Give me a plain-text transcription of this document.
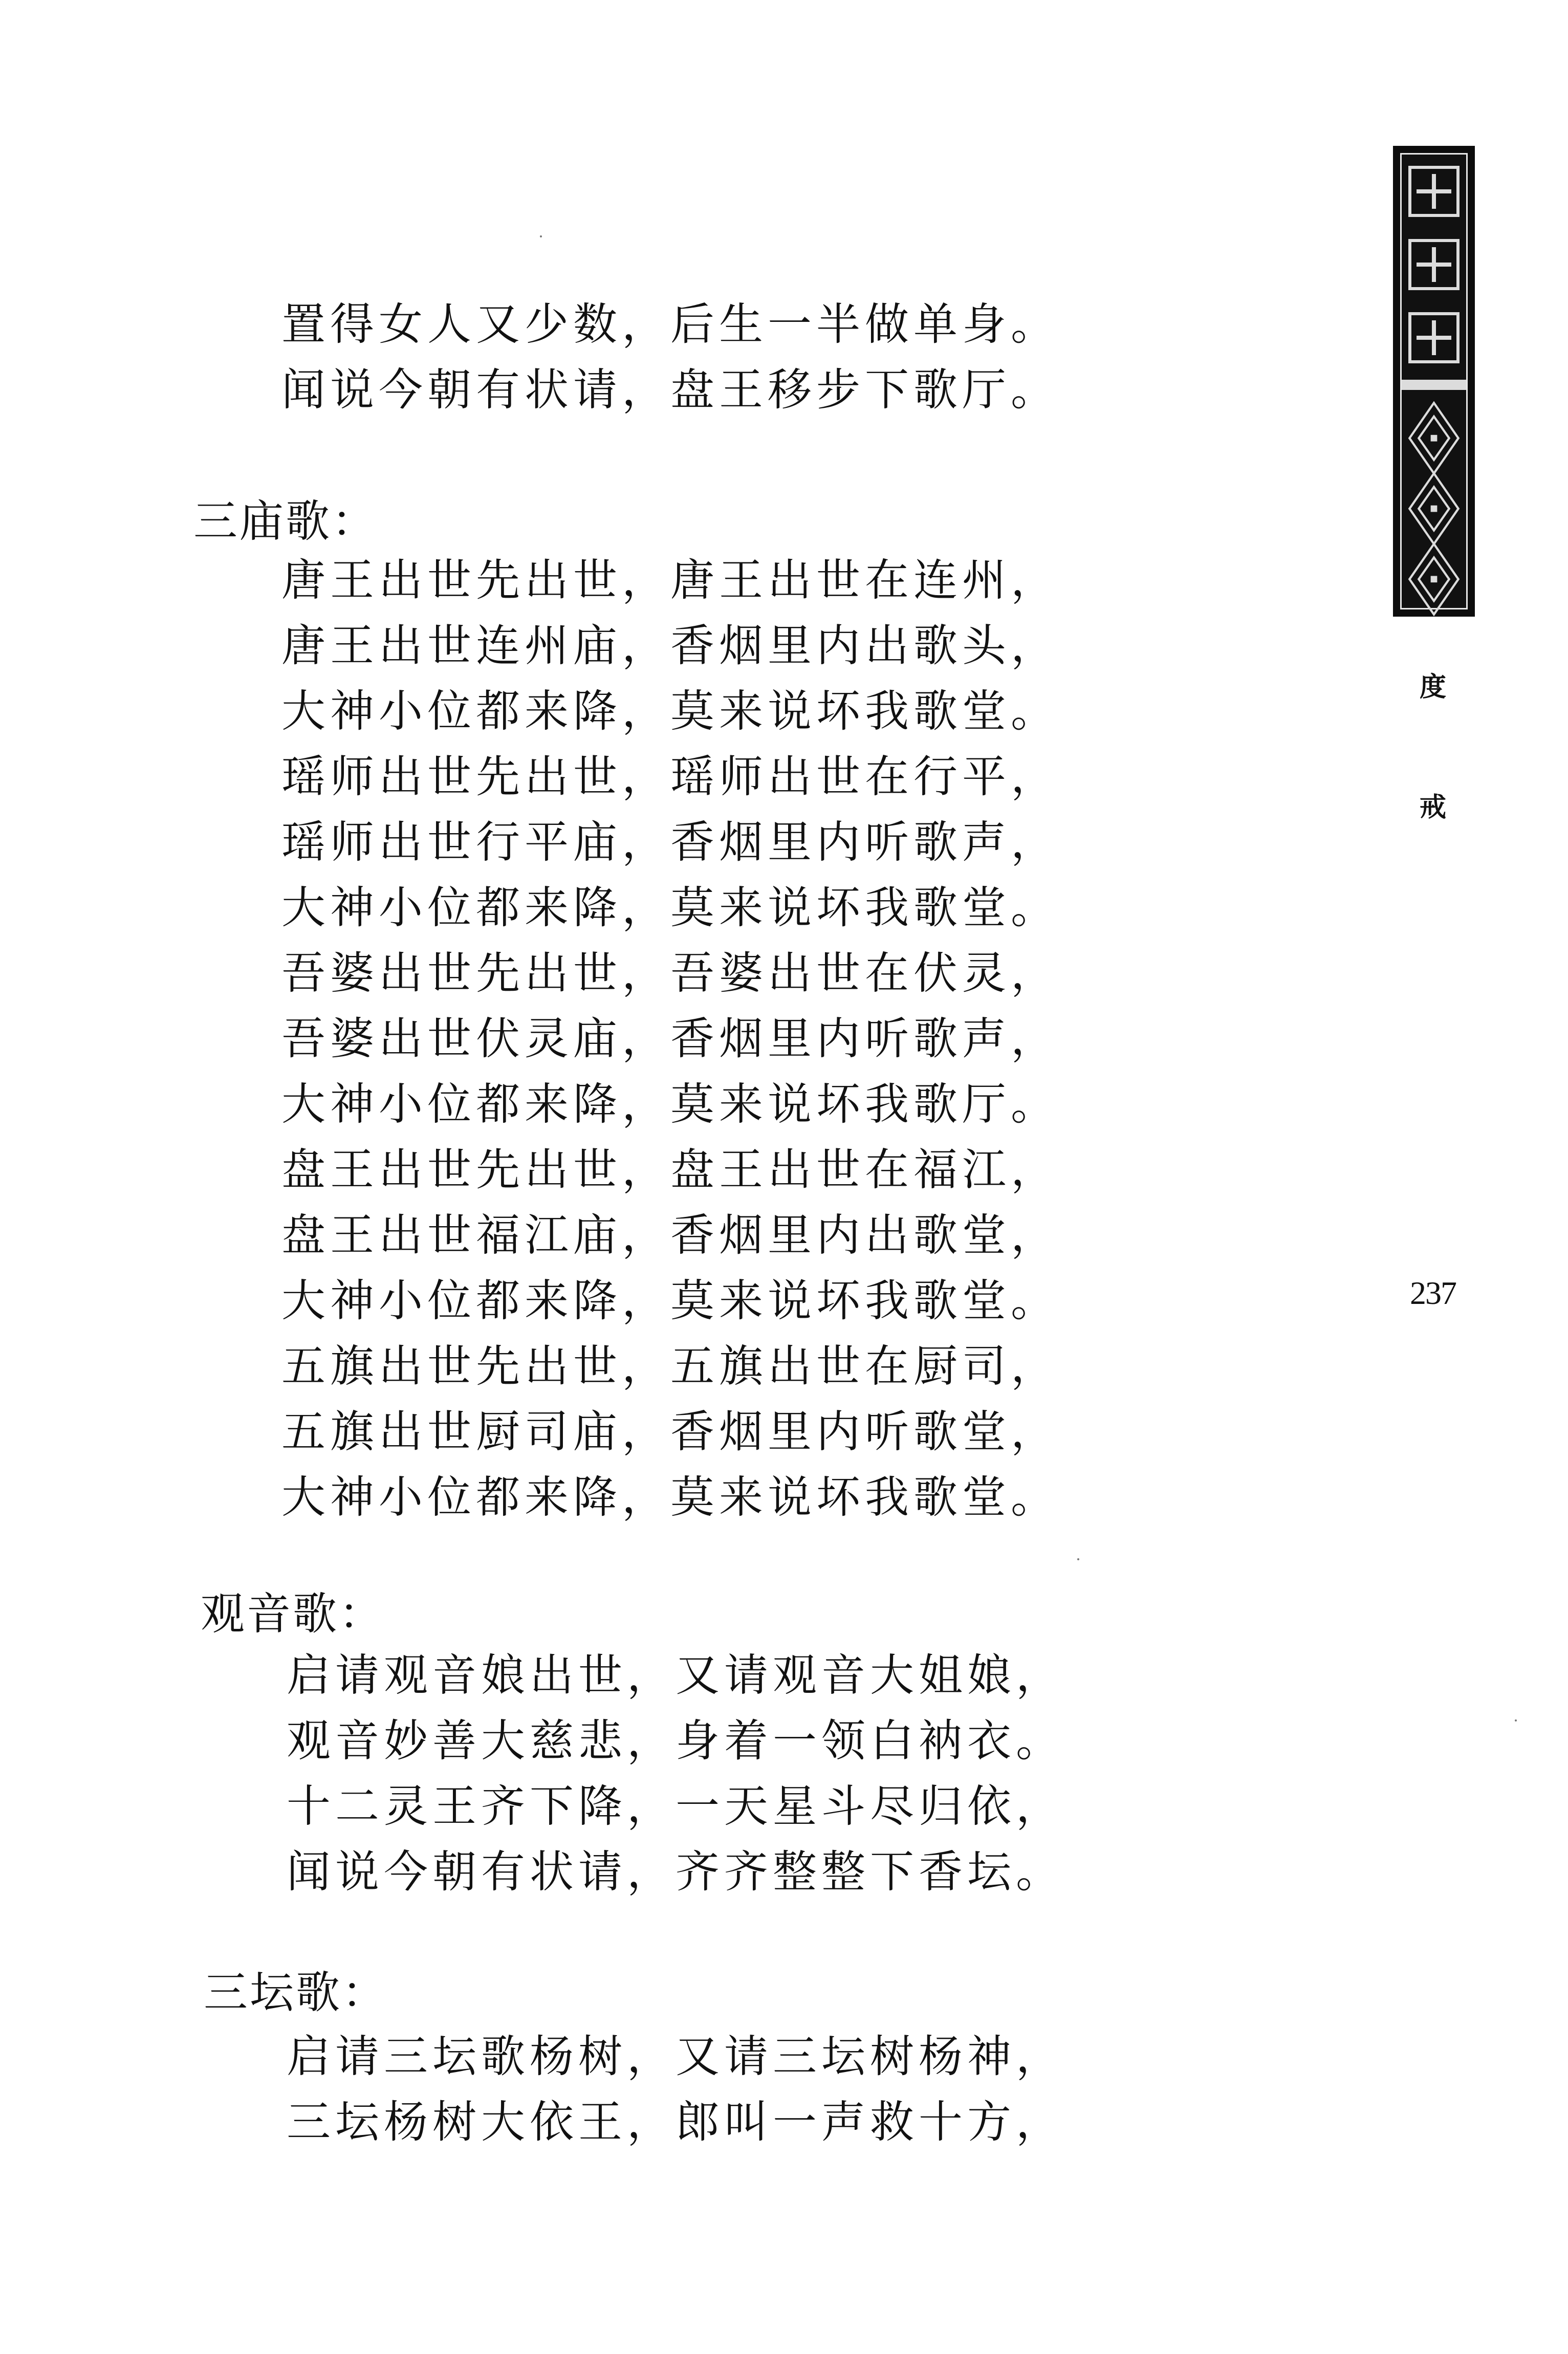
置得女人又少数，后生一半做单身。
闻说今朝有状请，盘王移步下歌厅。
三庙歌：
唐王出世先出世，唐王出世在连州，
唐王出世连州庙，香烟里内出歌头，
大神小位都来降，莫来说坏我歌堂。
瑶师出世先出世，瑶师出世在行平，
瑶师出世行平庙，香烟里内听歌声，
大神小位都来降，莫来说坏我歌堂。
吾婆出世先出世，吾婆出世在伏灵，
吾婆出世伏灵庙，香烟里内听歌声，
大神小位都来降，莫来说坏我歌厅。
盘王出世先出世，盘王出世在福江，
盘王出世福江庙，香烟里内出歌堂，
大神小位都来降，莫来说坏我歌堂。
五旗出世先出世，五旗出世在厨司，
五旗出世厨司庙，香烟里内听歌堂，
大神小位都来降，莫来说坏我歌堂。
观音歌：
启请观音娘出世，又请观音大姐娘，
观音妙善大慈悲，身着一领白衲衣。
十二灵王齐下降，一天星斗尽归依，
闻说今朝有状请，齐齐整整下香坛。
三坛歌：
启请三坛歌杨树，又请三坛树杨神，
三坛杨树大依王，郎叫一声救十方，
度
戒
237
